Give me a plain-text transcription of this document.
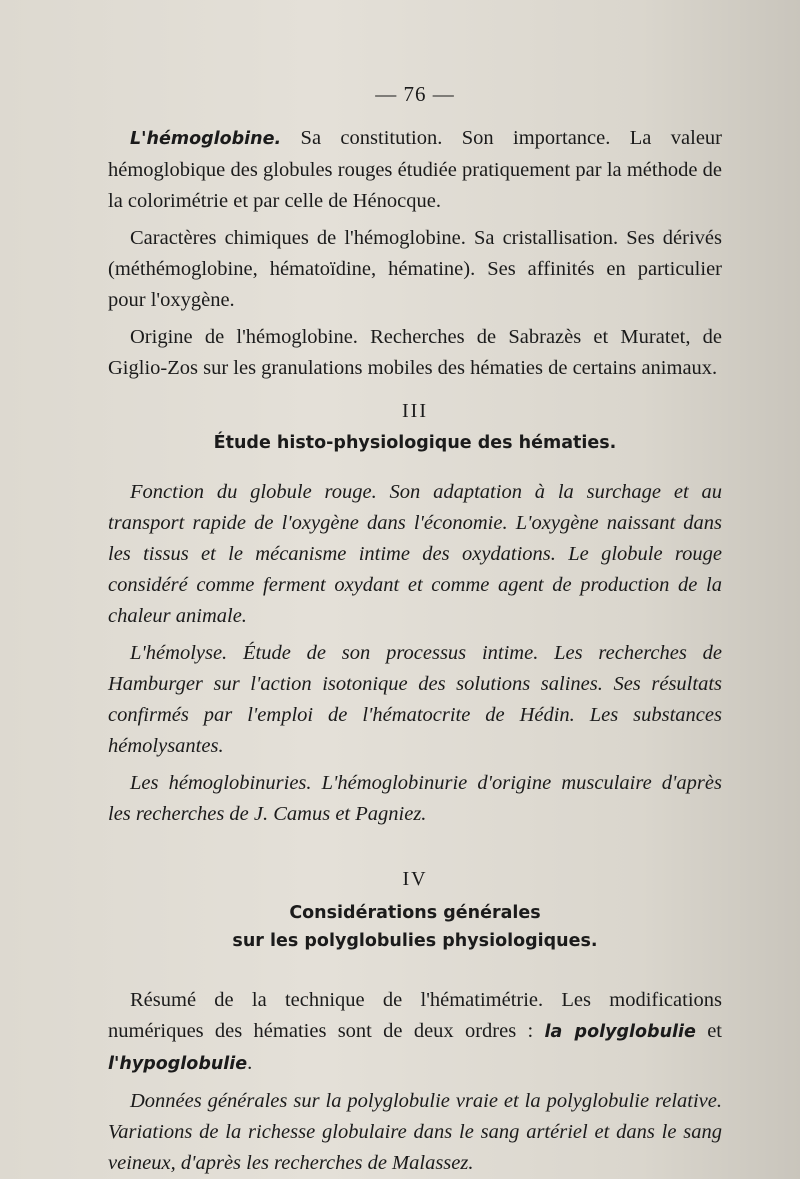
— 76 —

L'hémoglobine. Sa constitution. Son importance. La valeur hémoglobique des globules rouges étudiée pratiquement par la méthode de la colorimétrie et par celle de Hénocque.

Caractères chimiques de l'hémoglobine. Sa cristallisation. Ses dérivés (méthémoglobine, hématoïdine, hématine). Ses affinités en particulier pour l'oxygène.

Origine de l'hémoglobine. Recherches de Sabrazès et Muratet, de Giglio-Zos sur les granulations mobiles des hématies de certains animaux.

III
Étude histo-physiologique des hématies.

Fonction du globule rouge. Son adaptation à la surchage et au transport rapide de l'oxygène dans l'économie. L'oxygène naissant dans les tissus et le mécanisme intime des oxydations. Le globule rouge considéré comme ferment oxydant et comme agent de production de la chaleur animale.

L'hémolyse. Étude de son processus intime. Les recherches de Hamburger sur l'action isotonique des solutions salines. Ses résultats confirmés par l'emploi de l'hématocrite de Hédin. Les substances hémolysantes.

Les hémoglobinuries. L'hémoglobinurie d'origine musculaire d'après les recherches de J. Camus et Pagniez.

IV
Considérations générales
sur les polyglobulies physiologiques.

Résumé de la technique de l'hématimétrie. Les modifications numériques des hématies sont de deux ordres : la polyglobulie et l'hypoglobulie.

Données générales sur la polyglobulie vraie et la polyglobulie relative. Variations de la richesse globulaire dans le sang artériel et dans le sang veineux, d'après les recherches de Malassez.
